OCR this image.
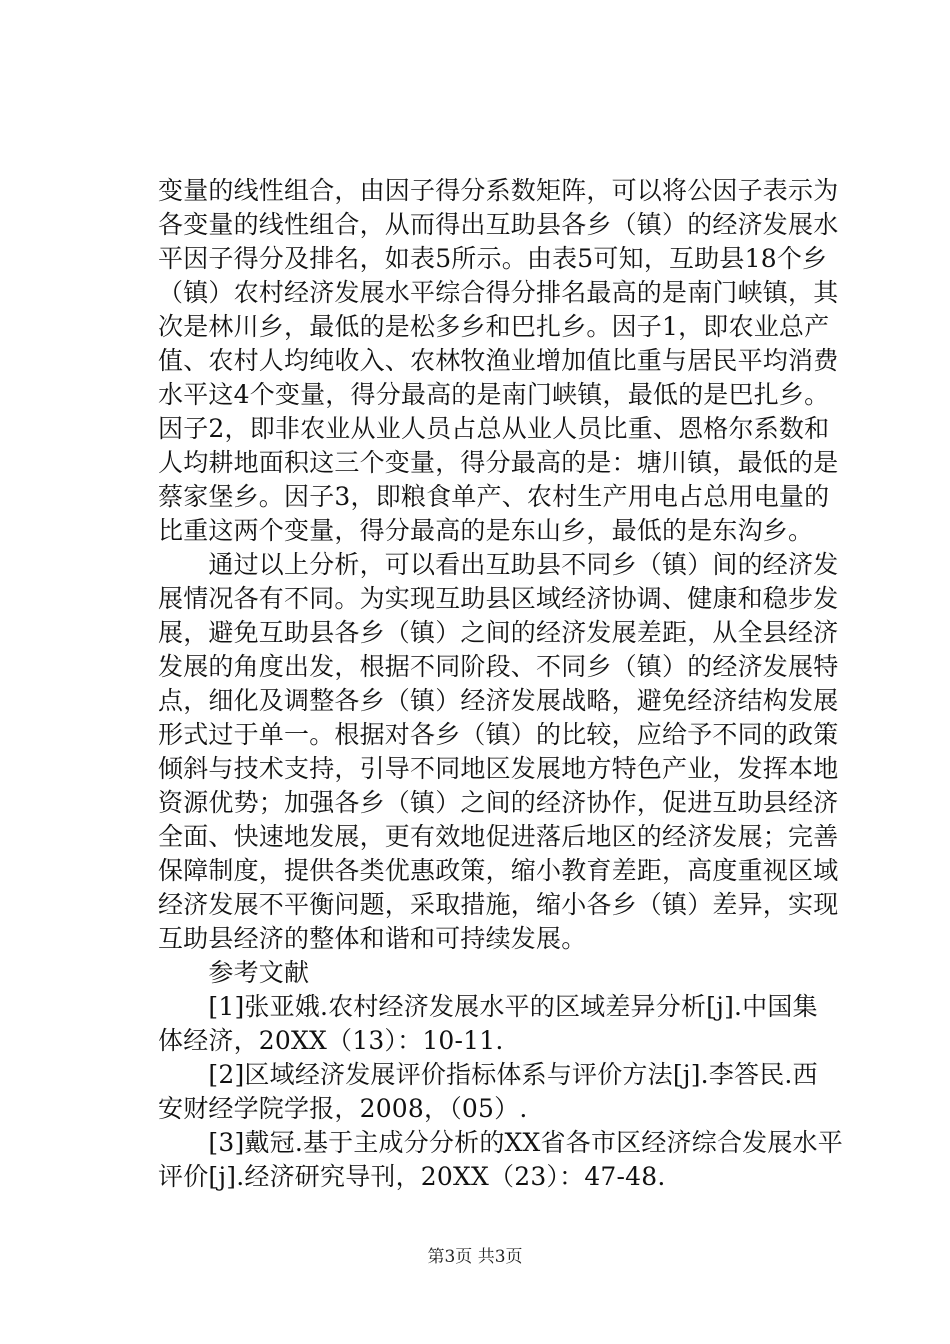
变量的线性组合，由因子得分系数矩阵，可以将公因子表示为
各变量的线性组合，从而得出互助县各乡（镇）的经济发展水
平因子得分及排名，如表5所示。由表5可知，互助县18个乡
（镇）农村经济发展水平综合得分排名最高的是南门峡镇，其
次是林川乡，最低的是松多乡和巴扎乡。因子1，即农业总产
值、农村人均纯收入、农林牧渔业增加值比重与居民平均消费
水平这4个变量，得分最高的是南门峡镇，最低的是巴扎乡。
因子2，即非农业从业人员占总从业人员比重、恩格尔系数和
人均耕地面积这三个变量，得分最高的是：塘川镇，最低的是
蔡家堡乡。因子3，即粮食单产、农村生产用电占总用电量的
比重这两个变量，得分最高的是东山乡，最低的是东沟乡。
　　通过以上分析，可以看出互助县不同乡（镇）间的经济发
展情况各有不同。为实现互助县区域经济协调、健康和稳步发
展，避免互助县各乡（镇）之间的经济发展差距，从全县经济
发展的角度出发，根据不同阶段、不同乡（镇）的经济发展特
点，细化及调整各乡（镇）经济发展战略，避免经济结构发展
形式过于单一。根据对各乡（镇）的比较，应给予不同的政策
倾斜与技术支持，引导不同地区发展地方特色产业，发挥本地
资源优势；加强各乡（镇）之间的经济协作，促进互助县经济
全面、快速地发展，更有效地促进落后地区的经济发展；完善
保障制度，提供各类优惠政策，缩小教育差距，高度重视区域
经济发展不平衡问题，采取措施，缩小各乡（镇）差异，实现
互助县经济的整体和谐和可持续发展。
　　参考文献
　　[1]张亚娥.农村经济发展水平的区域差异分析[j].中国集
体经济，20XX（13）：10-11.
　　[2]区域经济发展评价指标体系与评价方法[j].李答民.西
安财经学院学报，2008，（05）.
　　[3]戴冠.基于主成分分析的XX省各市区经济综合发展水平
评价[j].经济研究导刊，20XX（23）：47-48.
第3页 共3页
